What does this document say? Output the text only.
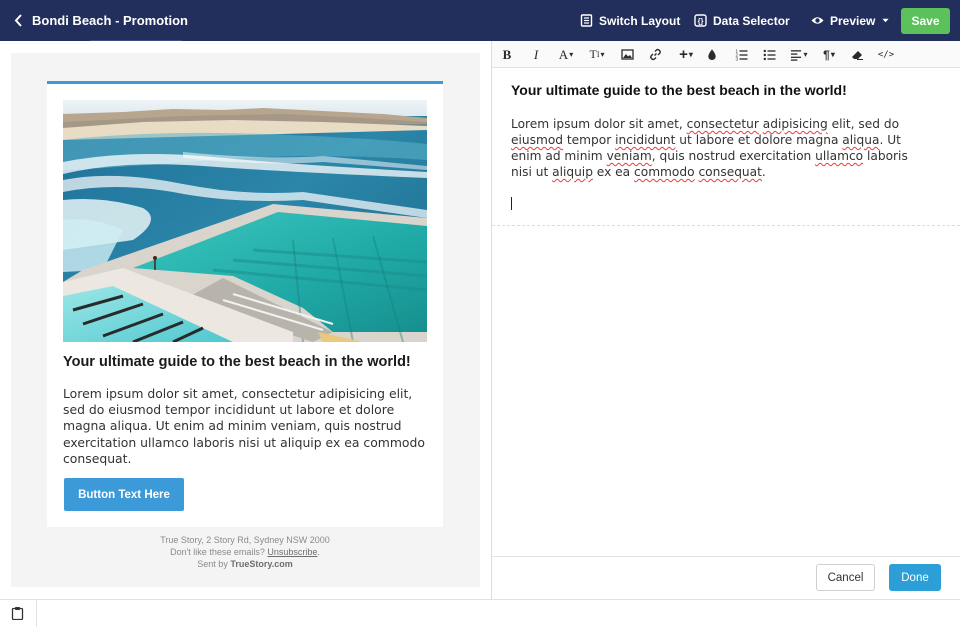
Bondi Beach - Promotion	Switch Layout {} Data Selector	Preview	Save
Your ultimate guide to the best beach in the world!
Lorem ipsum dolor sit amet, consectetur adipisicing elit, sed do eiusmod tempor incididunt ut labore et dolore magna aliqua. Ut enim ad minim veniam, quis nostrud exercitation ullamco laboris nisi ut aliquip ex ea commodo consequat.
Button Text Here
True Story, 2 Story Rd, Sydney NSW 2000
Don't like these emails? Unsubscribe.
Sent by TrueStory.com
B	I	A ▾	T I ▾	+ ▾	1
2
3	▾	¶ ▾	</>
Your ultimate guide to the best beach in the world!
Lorem ipsum dolor sit amet, consectetur adipisicing elit, sed do eiusmod tempor incididunt ut labore et dolore magna aliqua. Ut enim ad minim veniam, quis nostrud exercitation ullamco laboris nisi ut aliquip ex ea commodo consequat.
Cancel	Done
